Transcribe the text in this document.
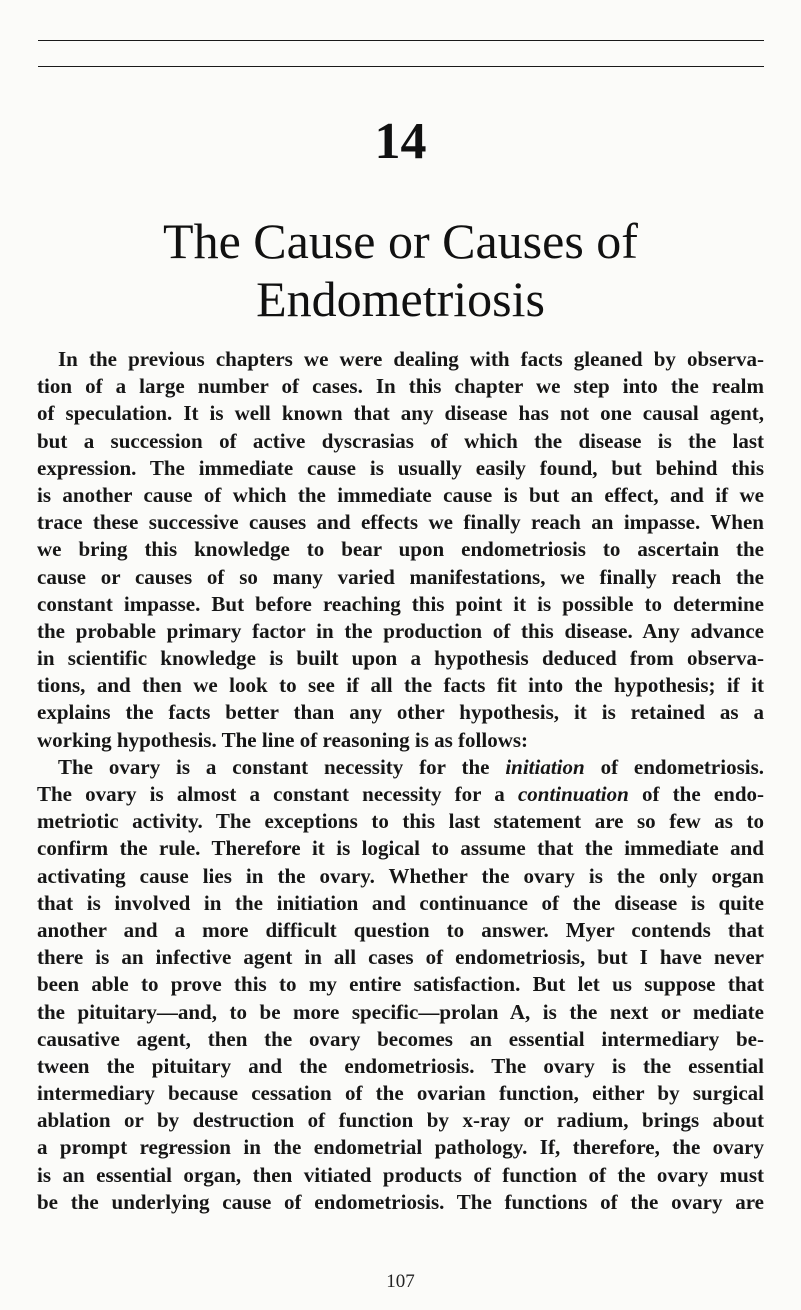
14
The Cause or Causes of
Endometriosis
In the previous chapters we were dealing with facts gleaned by observa-
tion of a large number of cases. In this chapter we step into the realm
of speculation. It is well known that any disease has not one causal agent,
but a succession of active dyscrasias of which the disease is the last
expression. The immediate cause is usually easily found, but behind this
is another cause of which the immediate cause is but an effect, and if we
trace these successive causes and effects we finally reach an impasse. When
we bring this knowledge to bear upon endometriosis to ascertain the
cause or causes of so many varied manifestations, we finally reach the
constant impasse. But before reaching this point it is possible to determine
the probable primary factor in the production of this disease. Any advance
in scientific knowledge is built upon a hypothesis deduced from observa-
tions, and then we look to see if all the facts fit into the hypothesis; if it
explains the facts better than any other hypothesis, it is retained as a
working hypothesis. The line of reasoning is as follows:
The ovary is a constant necessity for the initiation of endometriosis.
The ovary is almost a constant necessity for a continuation of the endo-
metriotic activity. The exceptions to this last statement are so few as to
confirm the rule. Therefore it is logical to assume that the immediate and
activating cause lies in the ovary. Whether the ovary is the only organ
that is involved in the initiation and continuance of the disease is quite
another and a more difficult question to answer. Myer contends that
there is an infective agent in all cases of endometriosis, but I have never
been able to prove this to my entire satisfaction. But let us suppose that
the pituitary—and, to be more specific—prolan A, is the next or mediate
causative agent, then the ovary becomes an essential intermediary be-
tween the pituitary and the endometriosis. The ovary is the essential
intermediary because cessation of the ovarian function, either by surgical
ablation or by destruction of function by x-ray or radium, brings about
a prompt regression in the endometrial pathology. If, therefore, the ovary
is an essential organ, then vitiated products of function of the ovary must
be the underlying cause of endometriosis. The functions of the ovary are
107
